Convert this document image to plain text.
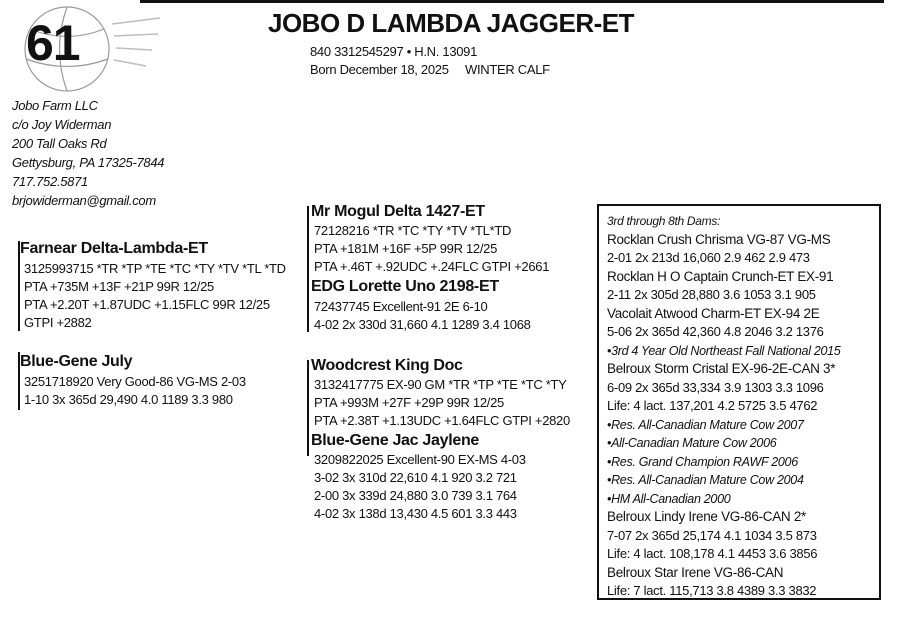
61	JOBO D LAMBDA JAGGER-ET
840 3312545297 • H.N. 13091
Born December 18, 2025 WINTER CALF
Jobo Farm LLC
c/o Joy Widerman
200 Tall Oaks Rd
Gettysburg, PA 17325-7844
717.752.5871
brjowiderman@gmail.com
Farnear Delta-Lambda-ET
3125993715 *TR *TP *TE *TC *TY *TV *TL *TD
PTA +735M +13F +21P 99R 12/25
PTA +2.20T +1.87UDC +1.15FLC 99R 12/25
GTPI +2882
Blue-Gene July
3251718920 Very Good-86 VG-MS 2-03
1-10 3x 365d 29,490 4.0 1189 3.3 980
Mr Mogul Delta 1427-ET
72128216 *TR *TC *TY *TV *TL*TD
PTA +181M +16F +5P 99R 12/25
PTA +.46T +.92UDC +.24FLC GTPI +2661
EDG Lorette Uno 2198-ET
72437745 Excellent-91 2E 6-10
4-02 2x 330d 31,660 4.1 1289 3.4 1068
Woodcrest King Doc
3132417775 EX-90 GM *TR *TP *TE *TC *TY
PTA +993M +27F +29P 99R 12/25
PTA +2.38T +1.13UDC +1.64FLC GTPI +2820
Blue-Gene Jac Jaylene
3209822025 Excellent-90 EX-MS 4-03
3-02 3x 310d 22,610 4.1 920 3.2 721
2-00 3x 339d 24,880 3.0 739 3.1 764
4-02 3x 138d 13,430 4.5 601 3.3 443
3rd through 8th Dams:
Rocklan Crush Chrisma VG-87 VG-MS
2-01 2x 213d 16,060 2.9 462 2.9 473
Rocklan H O Captain Crunch-ET EX-91
2-11 2x 305d 28,880 3.6 1053 3.1 905
Vacolait Atwood Charm-ET EX-94 2E
5-06 2x 365d 42,360 4.8 2046 3.2 1376
•3rd 4 Year Old Northeast Fall National 2015
Belroux Storm Cristal EX-96-2E-CAN 3*
6-09 2x 365d 33,334 3.9 1303 3.3 1096
Life: 4 lact. 137,201 4.2 5725 3.5 4762
•Res. All-Canadian Mature Cow 2007
•All-Canadian Mature Cow 2006
•Res. Grand Champion RAWF 2006
•Res. All-Canadian Mature Cow 2004
•HM All-Canadian 2000
Belroux Lindy Irene VG-86-CAN 2*
7-07 2x 365d 25,174 4.1 1034 3.5 873
Life: 4 lact. 108,178 4.1 4453 3.6 3856
Belroux Star Irene VG-86-CAN
Life: 7 lact. 115,713 3.8 4389 3.3 3832
